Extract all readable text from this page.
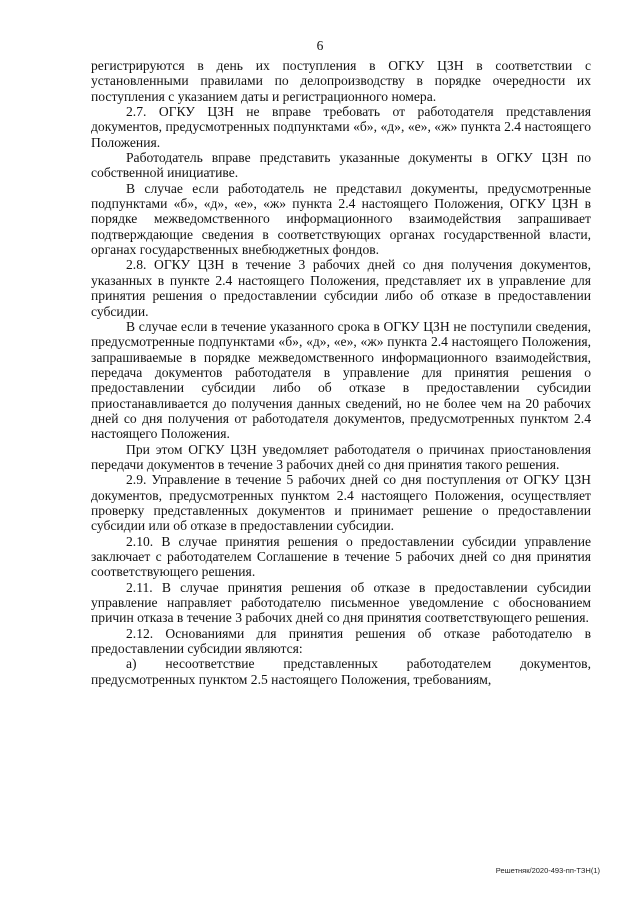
6

регистрируются в день их поступления в ОГКУ ЦЗН в соответствии с установленными правилами по делопроизводству в порядке очередности их поступления с указанием даты и регистрационного номера.

2.7. ОГКУ ЦЗН не вправе требовать от работодателя представления документов, предусмотренных подпунктами «б», «д», «е», «ж» пункта 2.4 настоящего Положения.

Работодатель вправе представить указанные документы в ОГКУ ЦЗН по собственной инициативе.

В случае если работодатель не представил документы, предусмотренные подпунктами «б», «д», «е», «ж» пункта 2.4 настоящего Положения, ОГКУ ЦЗН в порядке межведомственного информационного взаимодействия запрашивает подтверждающие сведения в соответствующих органах государственной власти, органах государственных внебюджетных фондов.

2.8. ОГКУ ЦЗН в течение 3 рабочих дней со дня получения документов, указанных в пункте 2.4 настоящего Положения, представляет их в управление для принятия решения о предоставлении субсидии либо об отказе в предоставлении субсидии.

В случае если в течение указанного срока в ОГКУ ЦЗН не поступили сведения, предусмотренные подпунктами «б», «д», «е», «ж» пункта 2.4 настоящего Положения, запрашиваемые в порядке межведомственного информационного взаимодействия, передача документов работодателя в управление для принятия решения о предоставлении субсидии либо об отказе в предоставлении субсидии приостанавливается до получения данных сведений, но не более чем на 20 рабочих дней со дня получения от работодателя документов, предусмотренных пунктом 2.4 настоящего Положения.

При этом ОГКУ ЦЗН уведомляет работодателя о причинах приостановления передачи документов в течение 3 рабочих дней со дня принятия такого решения.

2.9. Управление в течение 5 рабочих дней со дня поступления от ОГКУ ЦЗН документов, предусмотренных пунктом 2.4 настоящего Положения, осуществляет проверку представленных документов и принимает решение о предоставлении субсидии или об отказе в предоставлении субсидии.

2.10. В случае принятия решения о предоставлении субсидии управление заключает с работодателем Соглашение в течение 5 рабочих дней со дня принятия соответствующего решения.

2.11. В случае принятия решения об отказе в предоставлении субсидии управление направляет работодателю письменное уведомление с обоснованием причин отказа в течение 3 рабочих дней со дня принятия соответствующего решения.

2.12. Основаниями для принятия решения об отказе работодателю в предоставлении субсидии являются:

а) несоответствие представленных работодателем документов, предусмотренных пунктом 2.5 настоящего Положения, требованиям,

Решетняк/2020-493-пп-ТЗН(1)
